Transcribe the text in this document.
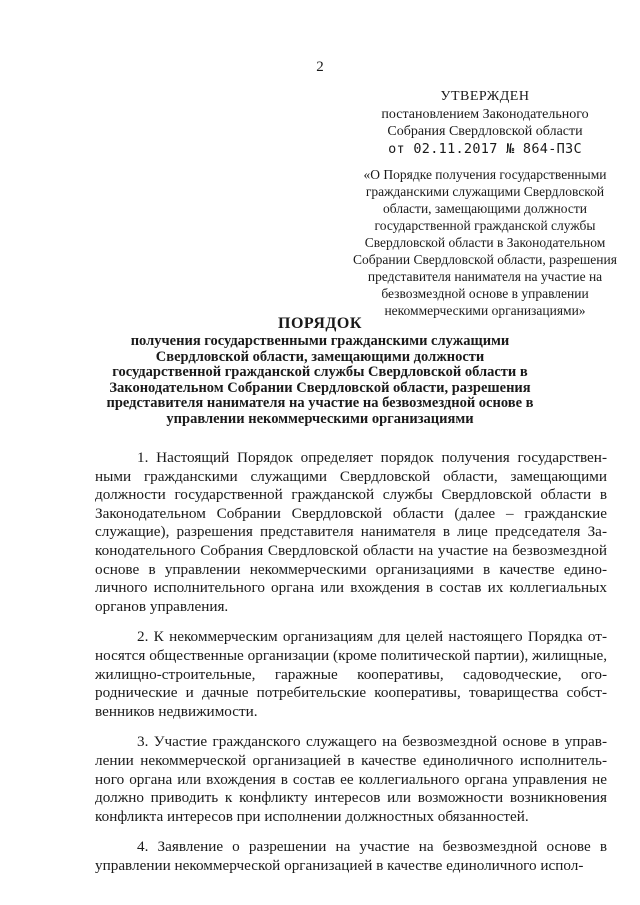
2
УТВЕРЖДЕН
постановлением Законодательного
Собрания Свердловской области
от 02.11.2017 № 864-ПЗС
«О Порядке получения государственными гражданскими служащими Свердловской области, замещающими должности государственной гражданской службы Свердловской области в Законодательном Собрании Свердловской области, разрешения представителя нанимателя на участие на безвозмездной основе в управлении некоммерческими организациями»
ПОРЯДОК
получения государственными гражданскими служащими Свердловской области, замещающими должности государственной гражданской службы Свердловской области в Законодательном Собрании Свердловской области, разрешения представителя нанимателя на участие на безвозмездной основе в управлении некоммерческими организациями

1. Настоящий Порядок определяет порядок получения государственными гражданскими служащими Свердловской области, замещающими должности государственной гражданской службы Свердловской области в Законодательном Собрании Свердловской области (далее – гражданские служащие), разрешения представителя нанимателя в лице председателя Законодательного Собрания Свердловской области на участие на безвозмездной основе в управлении некоммерческими организациями в качестве единоличного исполнительного органа или вхождения в состав их коллегиальных органов управления.

2. К некоммерческим организациям для целей настоящего Порядка относятся общественные организации (кроме политической партии), жилищные, жилищно-строительные, гаражные кооперативы, садоводческие, огороднические и дачные потребительские кооперативы, товарищества собственников недвижимости.

3. Участие гражданского служащего на безвозмездной основе в управлении некоммерческой организацией в качестве единоличного исполнительного органа или вхождения в состав ее коллегиального органа управления не должно приводить к конфликту интересов или возможности возникновения конфликта интересов при исполнении должностных обязанностей.

4. Заявление о разрешении на участие на безвозмездной основе в управлении некоммерческой организацией в качестве единоличного испол-
